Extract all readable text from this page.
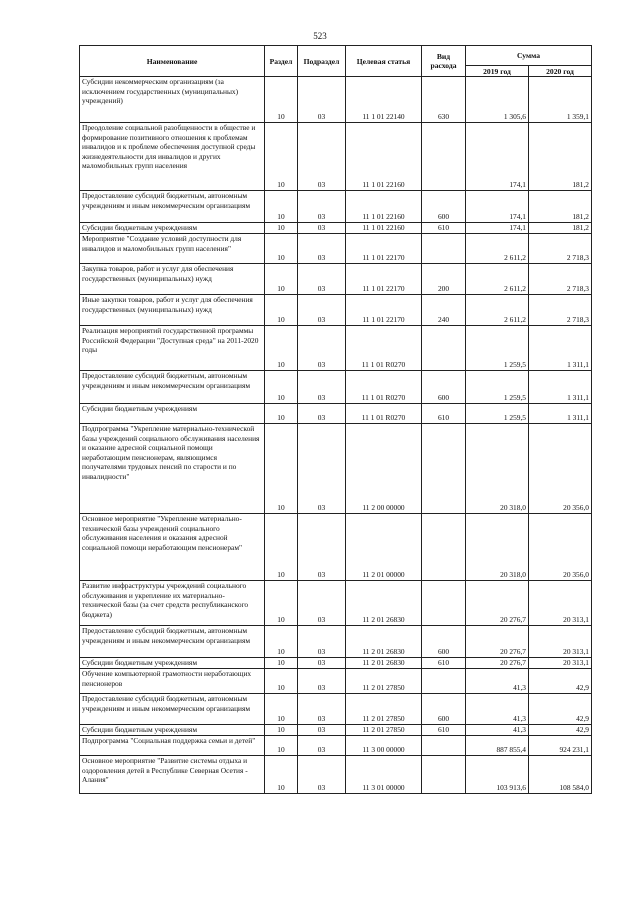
523
Наименование	Раздел	Подраздел	Целевая статья	Вид расхода	Сумма	
					2019 год	2020 год
Субсидии некоммерческим организациям (за исключением государственных (муниципальных) учреждений)	10	03	11 1 01 22140	630	1 305,6	1 359,1
Преодоление социальной разобщенности в обществе и формирование позитивного отношения к проблемам инвалидов и к проблеме обеспечения доступной среды жизнедеятельности для инвалидов и других маломобильных групп населения	10	03	11 1 01 22160		174,1	181,2
Предоставление субсидий бюджетным, автономным учреждениям и иным некоммерческим организациям	10	03	11 1 01 22160	600	174,1	181,2
Субсидии бюджетным учреждениям	10	03	11 1 01 22160	610	174,1	181,2
Мероприятие "Создание условий доступности для инвалидов и маломобильных групп населения"	10	03	11 1 01 22170		2 611,2	2 718,3
Закупка товаров, работ и услуг для обеспечения государственных (муниципальных) нужд	10	03	11 1 01 22170	200	2 611,2	2 718,3
Иные закупки товаров, работ и услуг для обеспечения государственных (муниципальных) нужд	10	03	11 1 01 22170	240	2 611,2	2 718,3
Реализация мероприятий государственной программы Российской Федерации "Доступная среда" на 2011-2020 годы	10	03	11 1 01 R0270		1 259,5	1 311,1
Предоставление субсидий бюджетным, автономным учреждениям и иным некоммерческим организациям	10	03	11 1 01 R0270	600	1 259,5	1 311,1
Субсидии бюджетным учреждениям	10	03	11 1 01 R0270	610	1 259,5	1 311,1
Подпрограмма "Укрепление материально-технической базы учреждений социального обслуживания населения и оказание адресной социальной помощи неработающим пенсионерам, являющимся получателями трудовых пенсий по старости и по инвалидности"	10	03	11 2 00 00000		20 318,0	20 356,0
Основное мероприятие "Укрепление материально-технической базы учреждений социального обслуживания населения и оказания адресной социальной помощи неработающим пенсионерам"	10	03	11 2 01 00000		20 318,0	20 356,0
Развитие инфраструктуры учреждений социального обслуживания и укрепление их материально-технической базы (за счет средств республиканского бюджета)	10	03	11 2 01 26830		20 276,7	20 313,1
Предоставление субсидий бюджетным, автономным учреждениям и иным некоммерческим организациям	10	03	11 2 01 26830	600	20 276,7	20 313,1
Субсидии бюджетным учреждениям	10	03	11 2 01 26830	610	20 276,7	20 313,1
Обучение компьютерной грамотности неработающих пенсионеров	10	03	11 2 01 27850		41,3	42,9
Предоставление субсидий бюджетным, автономным учреждениям и иным некоммерческим организациям	10	03	11 2 01 27850	600	41,3	42,9
Субсидии бюджетным учреждениям	10	03	11 2 01 27850	610	41,3	42,9
Подпрограмма "Социальная поддержка семьи и детей"	10	03	11 3 00 00000		887 855,4	924 231,1
Основное мероприятие "Развитие системы отдыха и оздоровления детей в Республике Северная Осетия - Алания"	10	03	11 3 01 00000		103 913,6	108 584,0
